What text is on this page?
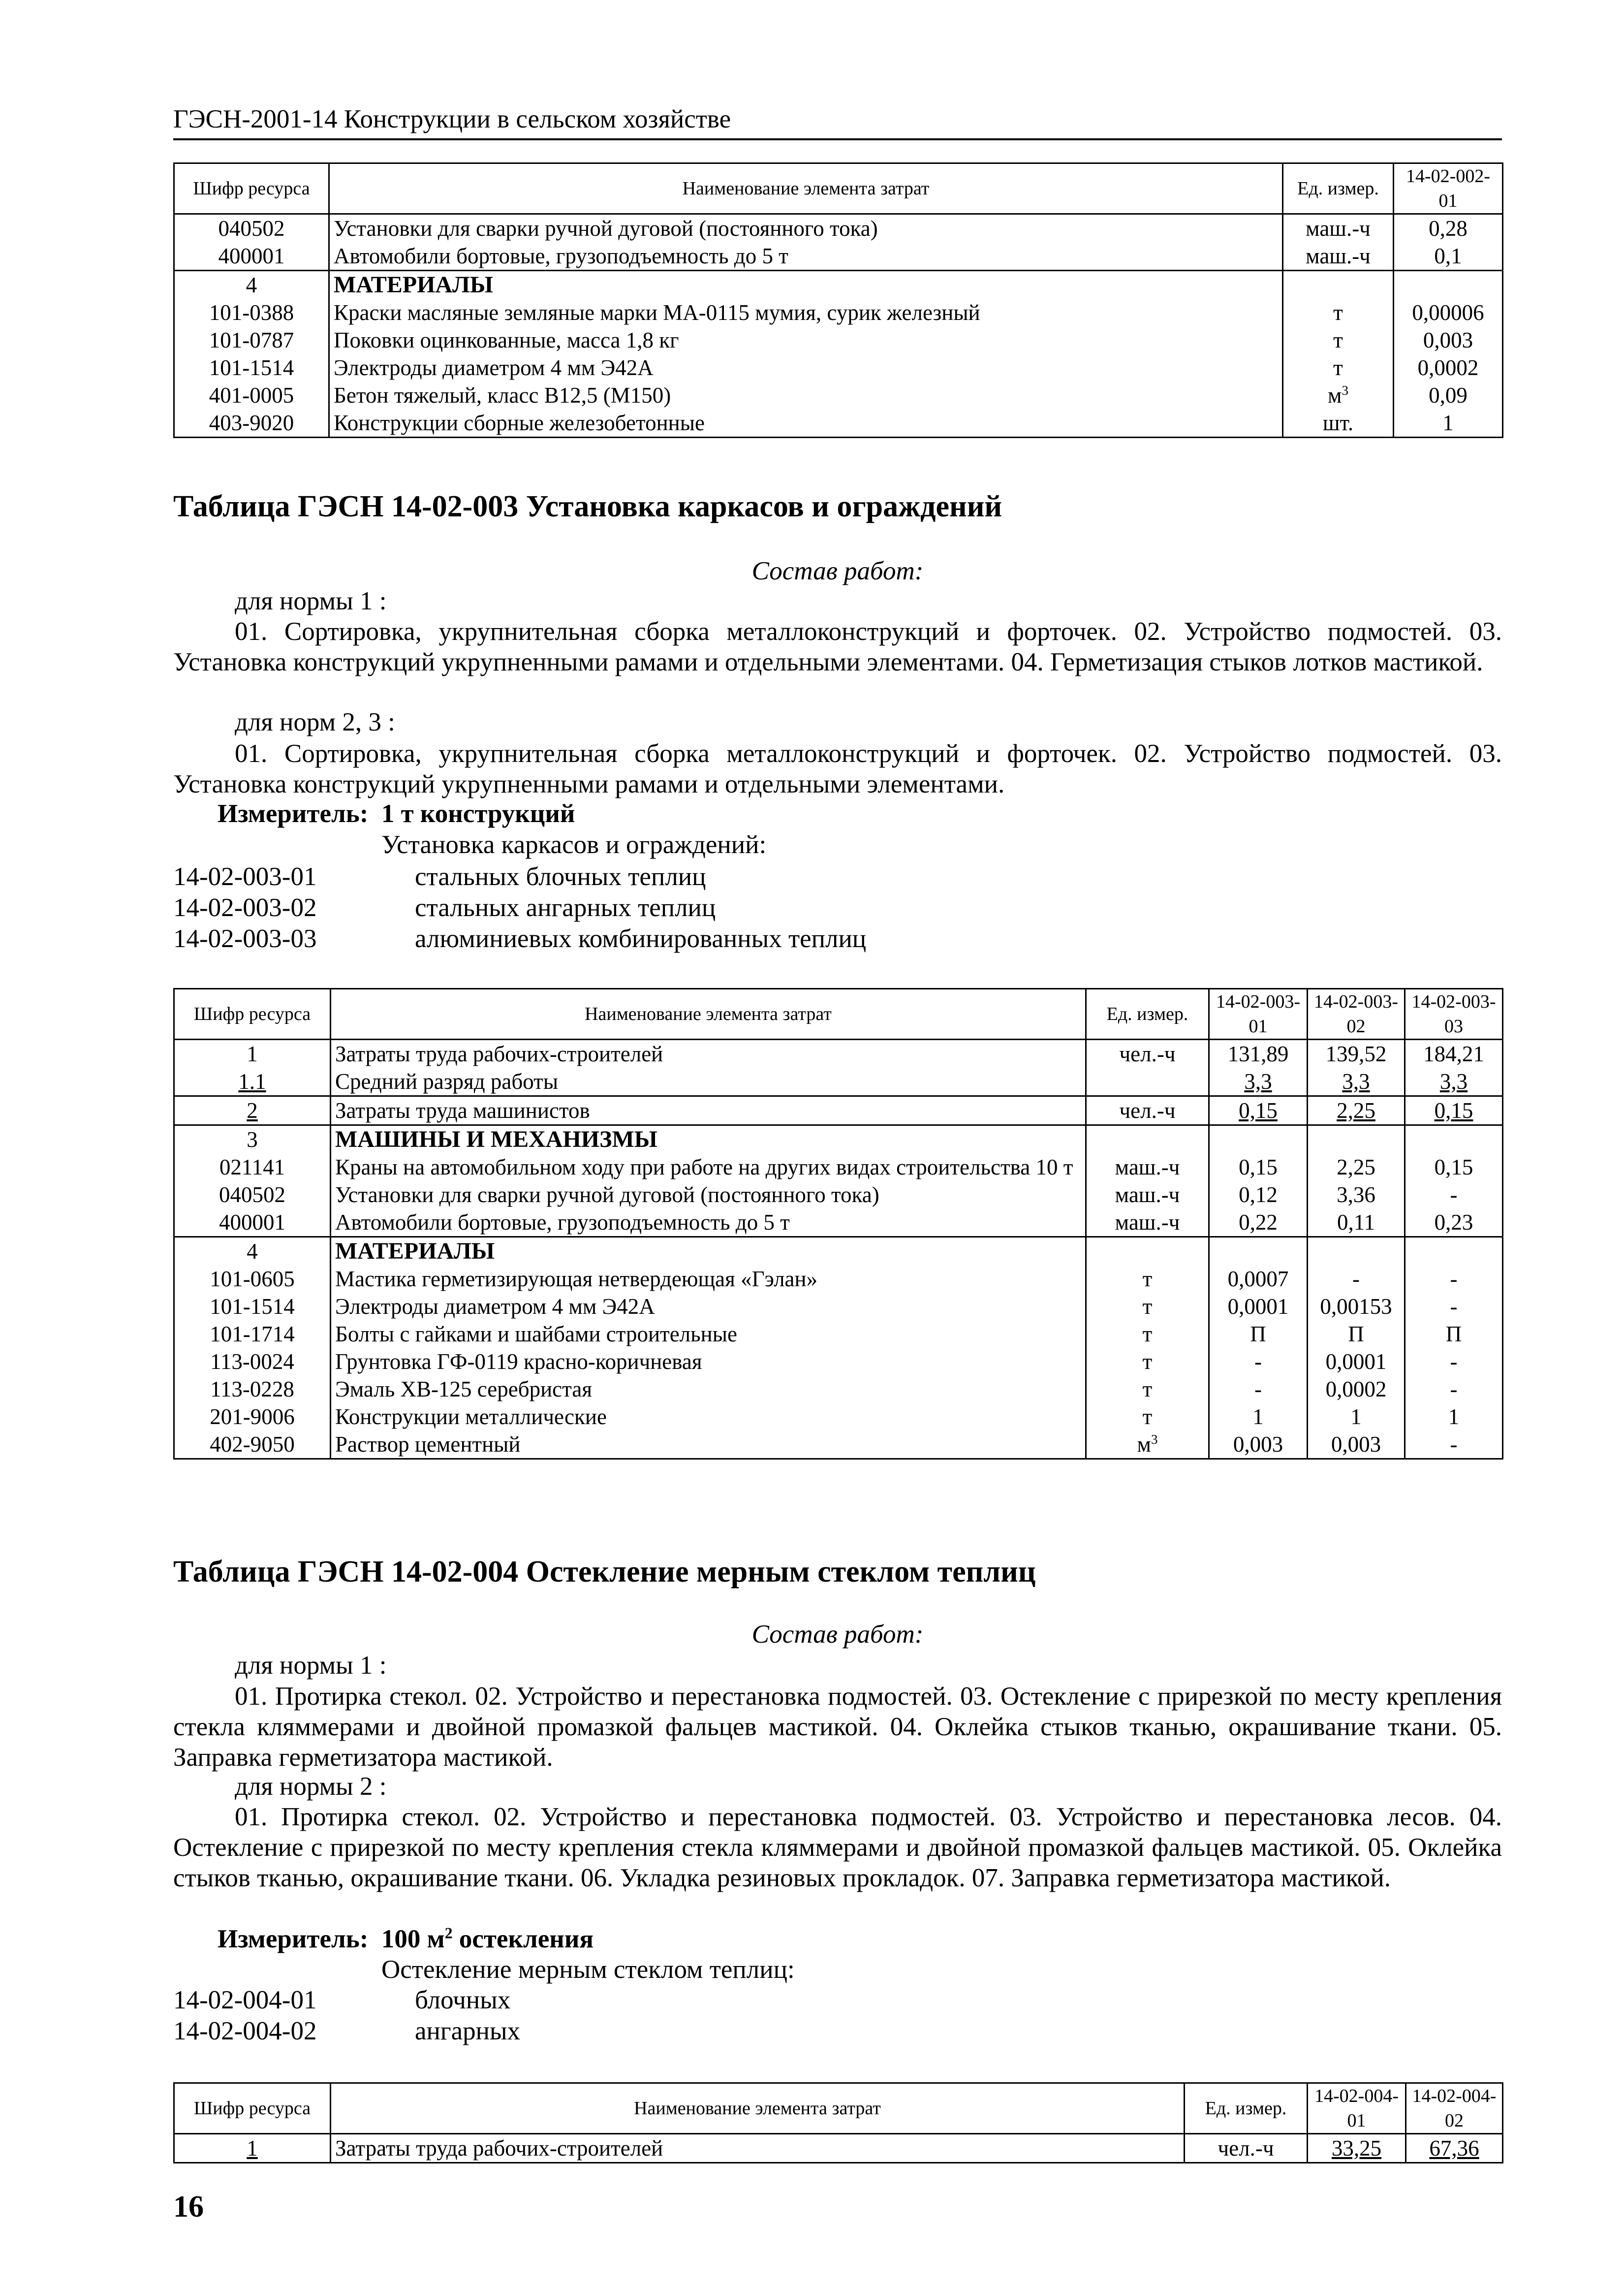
ГЭСН-2001-14 Конструкции в сельском хозяйстве
Шифр ресурса	Наименование элемента затрат	Ед. измер.	14-02-002-01
040502	Установки для сварки ручной дуговой (постоянного тока)	маш.-ч	0,28
400001	Автомобили бортовые, грузоподъемность до 5 т	маш.-ч	0,1
4	МАТЕРИАЛЫ		
101-0388	Краски масляные земляные марки МА-0115 мумия, сурик железный	т	0,00006
101-0787	Поковки оцинкованные, масса 1,8 кг	т	0,003
101-1514	Электроды диаметром 4 мм Э42А	т	0,0002
401-0005	Бетон тяжелый, класс В12,5 (М150)	$м^3$	0,09
403-9020	Конструкции сборные железобетонные	шт.	1
Таблица ГЭСН 14-02-003 Установка каркасов и ограждений
Состав работ:
для нормы 1 :
01. Сортировка, укрупнительная сборка металлоконструкций и форточек. 02. Устройство подмостей. 03. Установка конструкций укрупненными рамами и отдельными элементами. 04. Герметизация стыков лотков мастикой.
для норм 2, 3 :
01. Сортировка, укрупнительная сборка металлоконструкций и форточек. 02. Устройство подмостей. 03. Установка конструкций укрупненными рамами и отдельными элементами.
Измеритель: 1 т конструкций
Установка каркасов и ограждений:
14-02-003-01	стальных блочных теплиц
14-02-003-02	стальных ангарных теплиц
14-02-003-03	алюминиевых комбинированных теплиц
Шифр ресурса	Наименование элемента затрат	Ед. измер.	14-02-003-01	14-02-003-02	14-02-003-03
1	Затраты труда рабочих-строителей	чел.-ч	131,89	139,52	184,21
1.1	Средний разряд работы		3,3	3,3	3,3
2	Затраты труда машинистов	чел.-ч	0,15	2,25	0,15
3	МАШИНЫ И МЕХАНИЗМЫ				
021141	Краны на автомобильном ходу при работе на других видах строительства 10 т	маш.-ч	0,15	2,25	0,15
040502	Установки для сварки ручной дуговой (постоянного тока)	маш.-ч	0,12	3,36	-
400001	Автомобили бортовые, грузоподъемность до 5 т	маш.-ч	0,22	0,11	0,23
4	МАТЕРИАЛЫ				
101-0605	Мастика герметизирующая нетвердеющая «Гэлан»	т	0,0007	-	-
101-1514	Электроды диаметром 4 мм Э42А	т	0,0001	0,00153	-
101-1714	Болты с гайками и шайбами строительные	т	П	П	П
113-0024	Грунтовка ГФ-0119 красно-коричневая	т	-	0,0001	-
113-0228	Эмаль ХВ-125 серебристая	т	-	0,0002	-
201-9006	Конструкции металлические	т	1	1	1
402-9050	Раствор цементный	$м^3$	0,003	0,003	-
Таблица ГЭСН 14-02-004 Остекление мерным стеклом теплиц
Состав работ:
для нормы 1 :
01. Протирка стекол. 02. Устройство и перестановка подмостей. 03. Остекление с прирезкой по месту крепления стекла кляммерами и двойной промазкой фальцев мастикой. 04. Оклейка стыков тканью, окрашивание ткани. 05. Заправка герметизатора мастикой.
для нормы 2 :
01. Протирка стекол. 02. Устройство и перестановка подмостей. 03. Устройство и перестановка лесов. 04. Остекление с прирезкой по месту крепления стекла кляммерами и двойной промазкой фальцев мастикой. 05. Оклейка стыков тканью, окрашивание ткани. 06. Укладка резиновых прокладок. 07. Заправка герметизатора мастикой.
Измеритель: 100 $м^2$ остекления
Остекление мерным стеклом теплиц:
14-02-004-01	блочных
14-02-004-02	ангарных
Шифр ресурса	Наименование элемента затрат	Ед. измер.	14-02-004-01	14-02-004-02
1	Затраты труда рабочих-строителей	чел.-ч	33,25	67,36
16
